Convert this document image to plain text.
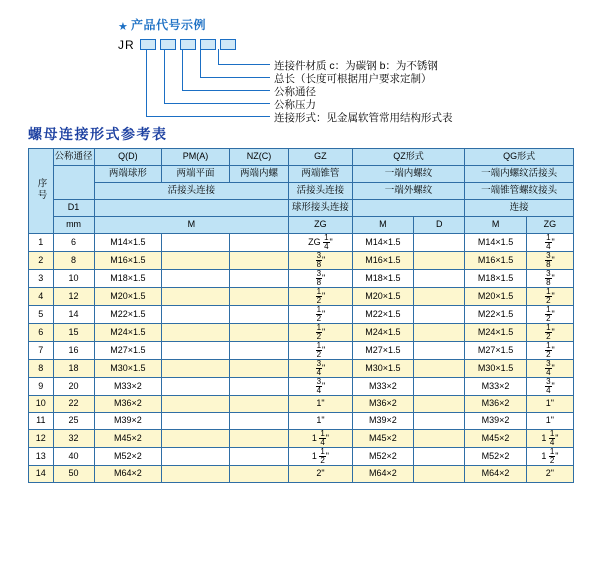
★ 产品代号示例
JR
连接件材质 c：为碳钢 b：为不锈钢
总长（长度可根据用户要求定制）
公称通径
公称压力
连接形式：见金属软管常用结构形式表
螺母连接形式参考表
序号	公称通径	Q(D)	PM(A)	NZ(C)	GZ	QZ形式		QG形式	
		两端球形	两端平面	两端内螺	两端锥管	一端内螺纹		一端内螺纹活接头	
		活接头连接			活接头连接	一端外螺纹		一端锥管螺纹接头	
	D1				球形接头连接			连接	
	mm	M			ZG	M	D	M	ZG
1	6	M14×1.5			ZG $\frac{1}{4}$ "	M14×1.5		M14×1.5	$\frac{1}{4}$ "
2	8	M16×1.5			$\frac{3}{8}$ "	M16×1.5		M16×1.5	$\frac{3}{8}$ "
3	10	M18×1.5			$\frac{3}{8}$ "	M18×1.5		M18×1.5	$\frac{3}{8}$ "
4	12	M20×1.5			$\frac{1}{2}$ "	M20×1.5		M20×1.5	$\frac{1}{2}$ "
5	14	M22×1.5			$\frac{1}{2}$ "	M22×1.5		M22×1.5	$\frac{1}{2}$ "
6	15	M24×1.5			$\frac{1}{2}$ "	M24×1.5		M24×1.5	$\frac{1}{2}$ "
7	16	M27×1.5			$\frac{1}{2}$ "	M27×1.5		M27×1.5	$\frac{1}{2}$ "
8	18	M30×1.5			$\frac{3}{4}$ "	M30×1.5		M30×1.5	$\frac{3}{4}$ "
9	20	M33×2			$\frac{3}{4}$ "	M33×2		M33×2	$\frac{3}{4}$ "
10	22	M36×2			1"	M36×2		M36×2	1"
11	25	M39×2			1"	M39×2		M39×2	1"
12	32	M45×2			$1 \frac{1}{4}$ "	M45×2		M45×2	$1 \frac{1}{4}$ "
13	40	M52×2			$1 \frac{1}{2}$ "	M52×2		M52×2	$1 \frac{1}{2}$ "
14	50	M64×2			2"	M64×2		M64×2	2"
